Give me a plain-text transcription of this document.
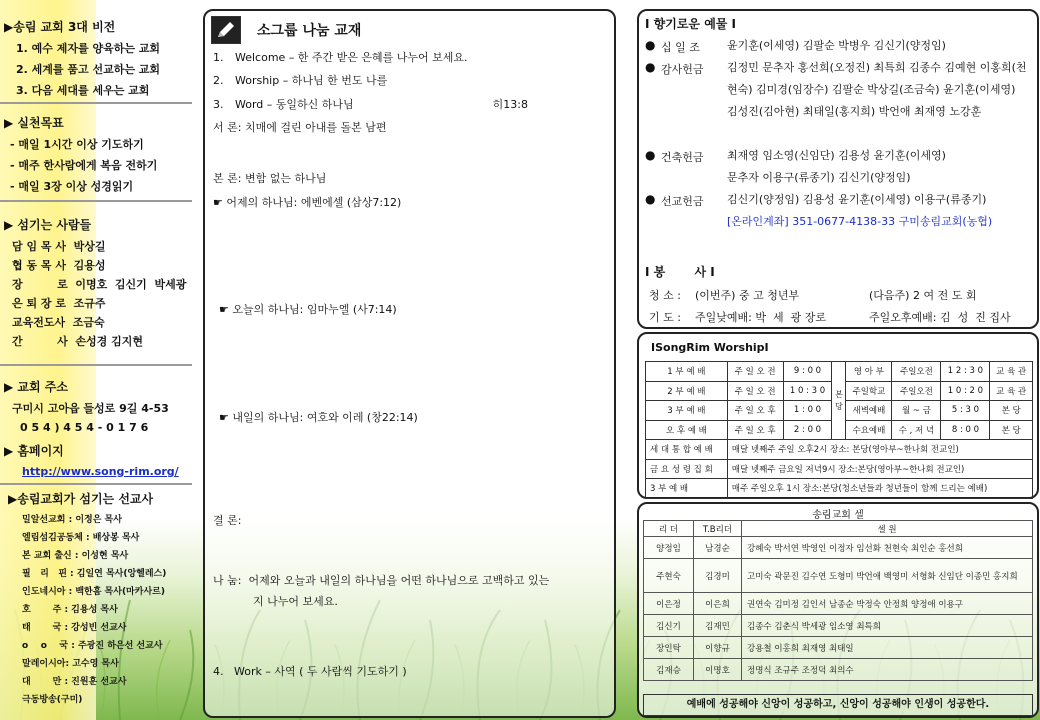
▶송림 교회 3대 비전
1. 예수 제자를 양육하는 교회
2. 세계를 품고 선교하는 교회
3. 다음 세대를 세우는 교회
▶ 실천목표
- 매일 1시간 이상 기도하기
- 매주 한사람에게 복음 전하기
- 매일 3장 이상 성경읽기
▶ 섬기는 사람들
담 임 목 사  박상길
협 동 목 사  김용성
장         로  이명호  김신기  박세광
은 퇴 장 로  조규주
교육전도사  조금숙
간         사  손성경 김지현
▶ 교회 주소
구미시 고아읍 들성로 9길 4-53
0 5 4 ) 4 5 4 - 0 1 7 6
▶ 홈페이지
http://www.song-rim.org/
▶송림교회가 섬기는 선교사
밀알선교회 : 이정은 목사
엘림섬김공동체 : 배상봉 목사
본 교회 출신 : 이성현 목사
필   리   핀 : 김일연 목사(앙헬레스)
인도네시아 : 백한흠 목사(마카사르)
호       주 : 김용성 목사
태       국 : 강성빈 선교사
o    o    국 : 주광진 하은선 선교사
말레이시아: 고수영 목사
대       만 : 진원훈 선교사
극동방송(구미)
소그룹 나눔 교재
1. Welcome – 한 주간 받은 은혜를 나누어 보세요.
2. Worship – 하나님 한 번도 나를
3. Word – 동일하신 하나님	히13:8
서 론: 치매에 걸린 아내를 돌본 남편
본 론: 변함 없는 하나님
☛ 어제의 하나님: 에벤에셀 (삼상7:12)
☛ 오늘의 하나님: 임마누엘 (사7:14)
☛ 내일의 하나님: 여호와 이레 (창22:14)
결 론:
나 눔:  어제와 오늘과 내일의 하나님을 어떤 하나님으로 고백하고 있는
지 나누어 보세요.
4.   Work – 사역 ( 두 사람씩 기도하기 )
I 향기로운 예물 I
● 십 일 조 윤기훈(이세영) 김팔순 박병우 김신기(양정임)
● 감사헌금 김정민 문추자 홍선희(오정진) 최특희 김종수 김예현 이홍희(천현숙) 김미경(임장수) 김팔순 박상길(조금숙) 윤기훈(이세영) 김성진(김아현) 최태일(홍지희) 박언애 최재영 노강훈
● 건축헌금 최재영 임소영(신임단) 김용성 윤기훈(이세영) 문추자 이용구(류종기) 김신기(양정임)
● 선교헌금 김신기(양정임) 김용성 윤기훈(이세영) 이용구(류종기)
[온라인계좌] 351-0677-4138-33 구미송림교회(농협)
I 봉       사 I
청 소 : (이번주) 중 고 청년부	(다음주) 2 여 전 도 회
기 도 : 주일낮예배: 박  세  광 장로	주일오후예배: 김  성  진 집사
ISongRim WorshipI
1 부 예 배	주 일 오 전	9 : 0 0	본 당	영 아 부	주일오전	1 2 : 3 0	교 육 관
2 부 예 배	주 일 오 전	1 0 : 3 0		주일학교	주일오전	1 0 : 2 0	교 육 관
3 부 예 배	주 일 오 후	1 : 0 0		새벽예배	월 ~ 금	5 : 3 0	본 당
오 후 예 배	주 일 오 후	2 : 0 0		수요예배	수 , 저 녁	8 : 0 0	본 당
세 대 통 합 예 배	매달 넷째주 주일 오후2시 장소: 본당(영아부~한나회 전교인)						
금 요 성 령 집 회	매달 넷째주 금요일 저녁9시 장소:본당(영아부~한나회 전교인)						
3 부 예 배	매주 주일오후 1시 장소:본당(청소년들과 청년들이 함께 드리는 예배)						
송림교회 셀
리 더	T.B리더	셀 원
양정임	남경순	강혜숙 박서연 박영인 이정자 임선화 천현숙 최인순 홍선희
주현숙	김경미	고미숙 곽문진 김수연 도형미 박언애 백영미 서형화 신임단 이종민 홍지희
이은정	이은희	권연숙 김미정 김인서 남종순 박정숙 안정희 양정애 이용구
김신기	김재민	김종수 김춘식 박세광 임소영 최특희
장인탁	이향규	강용철 이홍희 최재영 최태일
김재승	이명호	정명식 조규주 조정덕 최의수
예배에 성공해야 신앙이 성공하고, 신앙이 성공해야 인생이 성공한다.
